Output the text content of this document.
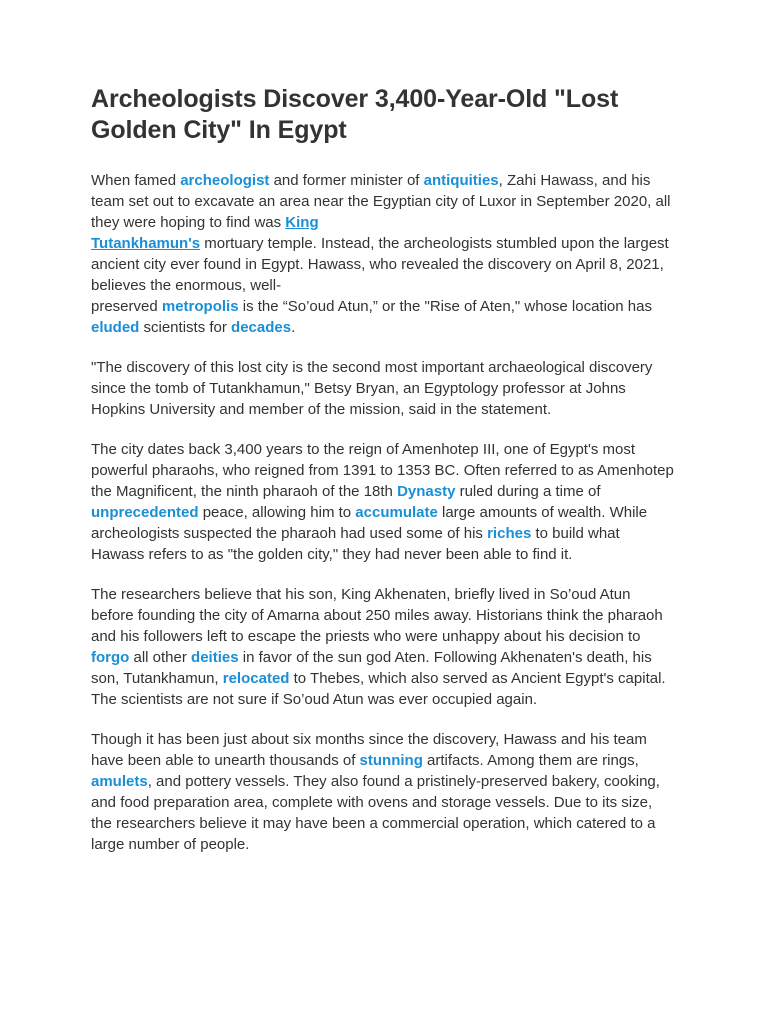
Archeologists Discover 3,400-Year-Old "Lost Golden City" In Egypt

When famed archeologist and former minister of antiquities, Zahi Hawass, and his team set out to excavate an area near the Egyptian city of Luxor in September 2020, all they were hoping to find was King
Tutankhamun's mortuary temple. Instead, the archeologists stumbled upon the largest ancient city ever found in Egypt. Hawass, who revealed the discovery on April 8, 2021, believes the enormous, well-
preserved metropolis is the “So’oud Atun,” or the "Rise of Aten," whose location has eluded scientists for decades.

"The discovery of this lost city is the second most important archaeological discovery since the tomb of Tutankhamun," Betsy Bryan, an Egyptology professor at Johns Hopkins University and member of the mission, said in the statement.

The city dates back 3,400 years to the reign of Amenhotep III, one of Egypt's most powerful pharaohs, who reigned from 1391 to 1353 BC. Often referred to as Amenhotep the Magnificent, the ninth pharaoh of the 18th Dynasty ruled during a time of unprecedented peace, allowing him to accumulate large amounts of wealth. While archeologists suspected the pharaoh had used some of his riches to build what Hawass refers to as "the golden city," they had never been able to find it.

The researchers believe that his son, King Akhenaten, briefly lived in So’oud Atun before founding the city of Amarna about 250 miles away. Historians think the pharaoh and his followers left to escape the priests who were unhappy about his decision to forgo all other deities in favor of the sun god Aten. Following Akhenaten's death, his son, Tutankhamun, relocated to Thebes, which also served as Ancient Egypt's capital. The scientists are not sure if So’oud Atun was ever occupied again.

Though it has been just about six months since the discovery, Hawass and his team have been able to unearth thousands of stunning artifacts. Among them are rings, amulets, and pottery vessels. They also found a pristinely-preserved bakery, cooking, and food preparation area, complete with ovens and storage vessels. Due to its size, the researchers believe it may have been a commercial operation, which catered to a large number of people.
